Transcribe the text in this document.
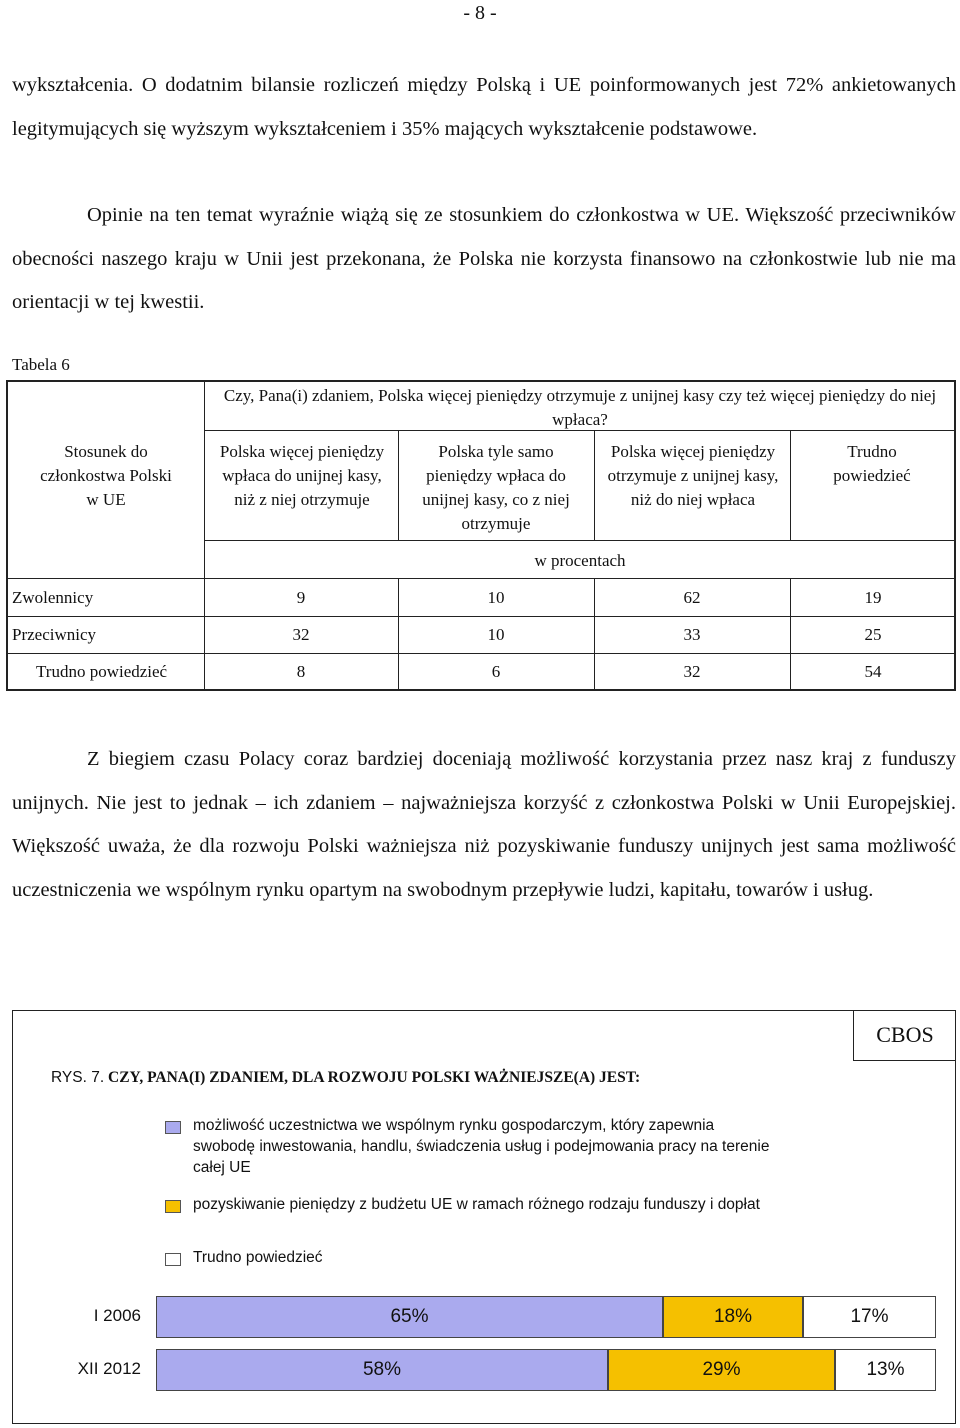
- 8 -

wykształcenia. O dodatnim bilansie rozliczeń między Polską i UE poinformowanych jest 72% ankietowanych legitymujących się wyższym wykształceniem i 35% mających wykształcenie podstawowe.

Opinie na ten temat wyraźnie wiążą się ze stosunkiem do członkostwa w UE. Większość przeciwników obecności naszego kraju w Unii jest przekonana, że Polska nie korzysta finansowo na członkostwie lub nie ma orientacji w tej kwestii.

Tabela 6
Czy, Pana(i) zdaniem, Polska więcej pieniędzy otrzymuje z unijnej kasy czy też więcej pieniędzy do niej wpłaca?
Stosunek do członkostwa Polski w UE
Polska więcej pieniędzy wpłaca do unijnej kasy, niż z niej otrzymuje
Polska tyle samo pieniędzy wpłaca do unijnej kasy, co z niej otrzymuje
Polska więcej pieniędzy otrzymuje z unijnej kasy, niż do niej wpłaca
Trudno powiedzieć
w procentach
Zwolennicy	9	10	62	19
Przeciwnicy	32	10	33	25
Trudno powiedzieć	8	6	32	54

Z biegiem czasu Polacy coraz bardziej doceniają możliwość korzystania przez nasz kraj z funduszy unijnych. Nie jest to jednak – ich zdaniem – najważniejsza korzyść z członkostwa Polski w Unii Europejskiej. Większość uważa, że dla rozwoju Polski ważniejsza niż pozyskiwanie funduszy unijnych jest sama możliwość uczestniczenia we wspólnym rynku opartym na swobodnym przepływie ludzi, kapitału, towarów i usług.

CBOS
RYS. 7. CZY, PANA(I) ZDANIEM, DLA ROZWOJU POLSKI WAŻNIEJSZE(A) JEST:
możliwość uczestnictwa we wspólnym rynku gospodarczym, który zapewnia swobodę inwestowania, handlu, świadczenia usług i podejmowania pracy na terenie całej UE
pozyskiwanie pieniędzy z budżetu UE w ramach różnego rodzaju funduszy i dopłat
Trudno powiedzieć
I 2006	65%	18%	17%
XII 2012	58%	29%	13%
